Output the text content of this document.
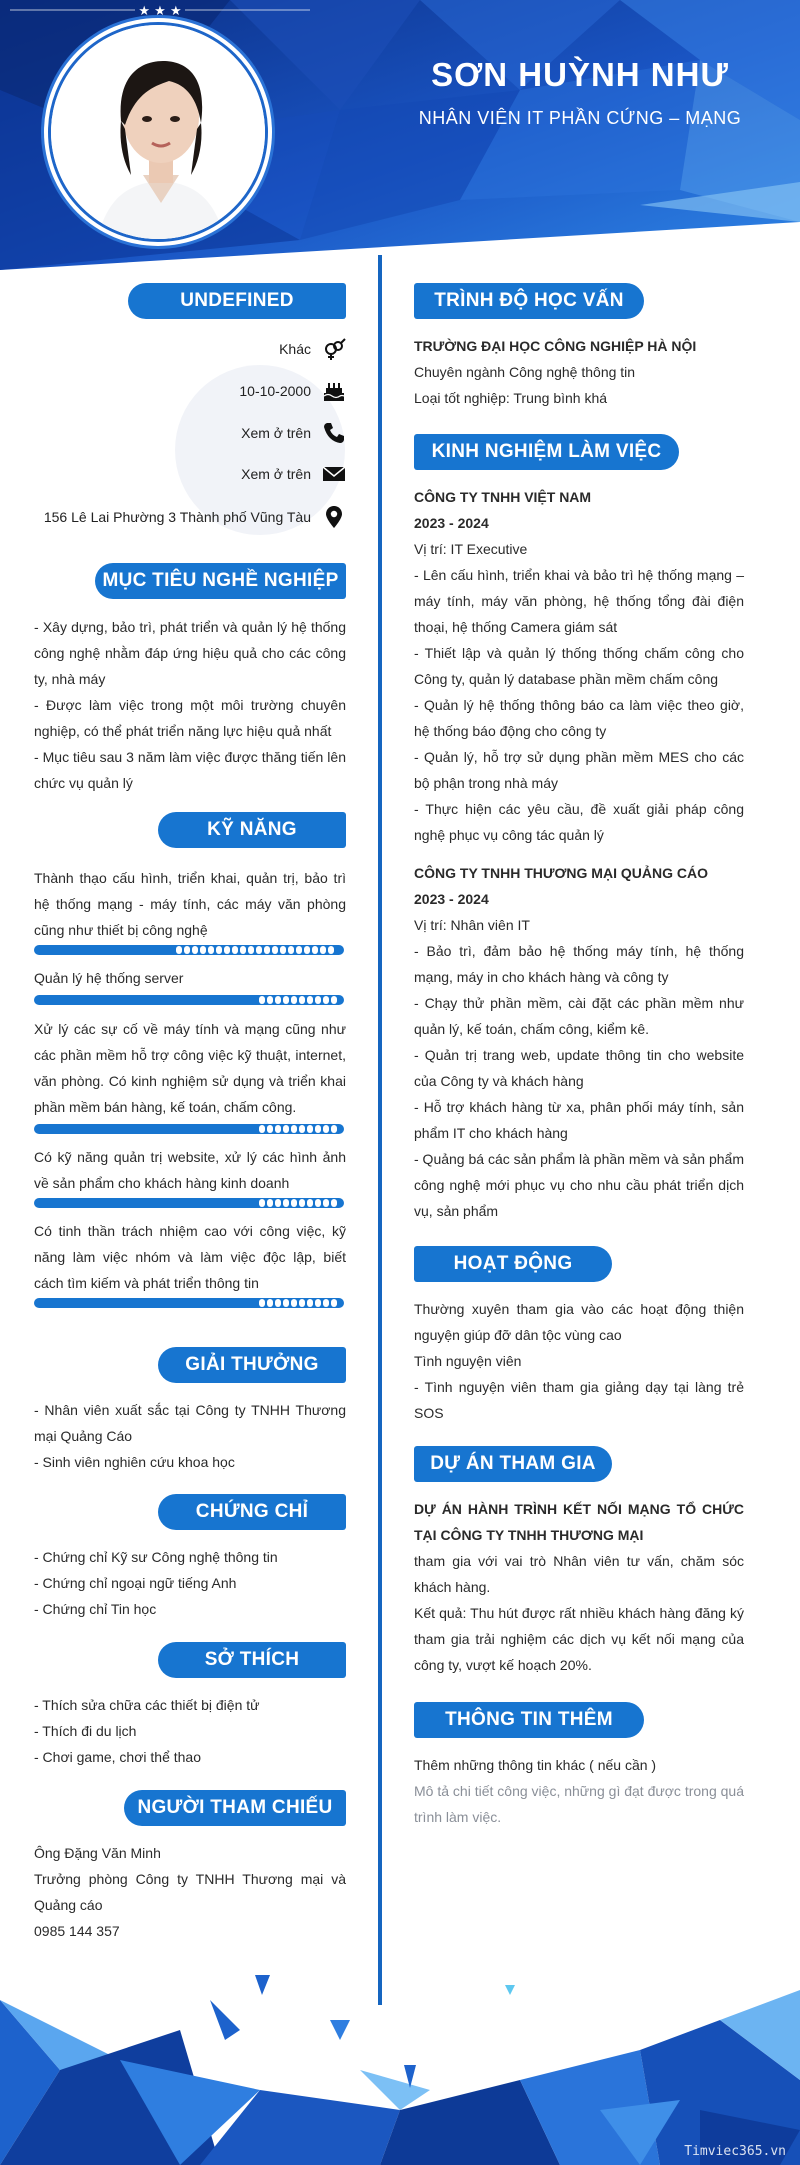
SƠN HUỲNH NHƯ
NHÂN VIÊN IT PHẦN CỨNG – MẠNG
★ ★ ★
UNDEFINED
Khác
10-10-2000
Xem ở trên
Xem ở trên
156 Lê Lai Phường 3 Thành phố Vũng Tàu
MỤC TIÊU NGHỀ NGHIỆP
- Xây dựng, bảo trì, phát triển và quản lý hệ thống công nghệ nhằm đáp ứng hiệu quả cho các công ty, nhà máy
- Được làm việc trong một môi trường chuyên nghiệp, có thể phát triển năng lực hiệu quả nhất
- Mục tiêu sau 3 năm làm việc được thăng tiến lên chức vụ quản lý
KỸ NĂNG
Thành thạo cấu hình, triển khai, quản trị, bảo trì hệ thống mạng - máy tính, các máy văn phòng cũng như thiết bị công nghệ
Quản lý hệ thống server
Xử lý các sự cố về máy tính và mạng cũng như các phần mềm hỗ trợ công việc kỹ thuật, internet, văn phòng. Có kinh nghiệm sử dụng và triển khai phần mềm bán hàng, kế toán, chấm công.
Có kỹ năng quản trị website, xử lý các hình ảnh về sản phẩm cho khách hàng kinh doanh
Có tinh thần trách nhiệm cao với công việc, kỹ năng làm việc nhóm và làm việc độc lập, biết cách tìm kiếm và phát triển thông tin
GIẢI THƯỞNG
- Nhân viên xuất sắc tại Công ty TNHH Thương mại Quảng Cáo
- Sinh viên nghiên cứu khoa học
CHỨNG CHỈ
- Chứng chỉ Kỹ sư Công nghệ thông tin
- Chứng chỉ ngoại ngữ tiếng Anh
- Chứng chỉ Tin học
SỞ THÍCH
- Thích sửa chữa các thiết bị điện tử
- Thích đi du lịch
- Chơi game, chơi thể thao
NGƯỜI THAM CHIẾU
Ông Đặng Văn Minh
Trưởng phòng Công ty TNHH Thương mại và Quảng cáo
0985 144 357
TRÌNH ĐỘ HỌC VẤN
TRƯỜNG ĐẠI HỌC CÔNG NGHIỆP HÀ NỘI
Chuyên ngành Công nghệ thông tin
Loại tốt nghiệp: Trung bình khá
KINH NGHIỆM LÀM VIỆC
CÔNG TY TNHH VIỆT NAM
2023 - 2024
Vị trí: IT Executive
- Lên cấu hình, triển khai và bảo trì hệ thống mạng – máy tính, máy văn phòng, hệ thống tổng đài điện thoại, hệ thống Camera giám sát
- Thiết lập và quản lý thống thống chấm công cho Công ty, quản lý database phần mềm chấm công
- Quản lý hệ thống thông báo ca làm việc theo giờ, hệ thống báo động cho công ty
- Quản lý, hỗ trợ sử dụng phần mềm MES cho các bộ phận trong nhà máy
- Thực hiện các yêu cầu, đề xuất giải pháp công nghệ phục vụ công tác quản lý
CÔNG TY TNHH THƯƠNG MẠI QUẢNG CÁO
2023 - 2024
Vị trí: Nhân viên IT
- Bảo trì, đảm bảo hệ thống máy tính, hệ thống mạng, máy in cho khách hàng và công ty
- Chạy thử phần mềm, cài đặt các phần mềm như quản lý, kế toán, chấm công, kiểm kê.
- Quản trị trang web, update thông tin cho website của Công ty và khách hàng
- Hỗ trợ khách hàng từ xa, phân phối máy tính, sản phẩm IT cho khách hàng
- Quảng bá các sản phẩm là phần mềm và sản phẩm công nghệ mới phục vụ cho nhu cầu phát triển dịch vụ, sản phẩm
HOẠT ĐỘNG
Thường xuyên tham gia vào các hoạt động thiện nguyện giúp đỡ dân tộc vùng cao
Tình nguyện viên
- Tình nguyện viên tham gia giảng dạy tại làng trẻ SOS
DỰ ÁN THAM GIA
DỰ ÁN HÀNH TRÌNH KẾT NỐI MẠNG TỔ CHỨC TẠI CÔNG TY TNHH THƯƠNG MẠI
tham gia với vai trò Nhân viên tư vấn, chăm sóc khách hàng.
Kết quả: Thu hút được rất nhiều khách hàng đăng ký tham gia trải nghiệm các dịch vụ kết nối mạng của công ty, vượt kế hoạch 20%.
THÔNG TIN THÊM
Thêm những thông tin khác ( nếu cần )
Mô tả chi tiết công việc, những gì đạt được trong quá trình làm việc.
Timviec365.vn
